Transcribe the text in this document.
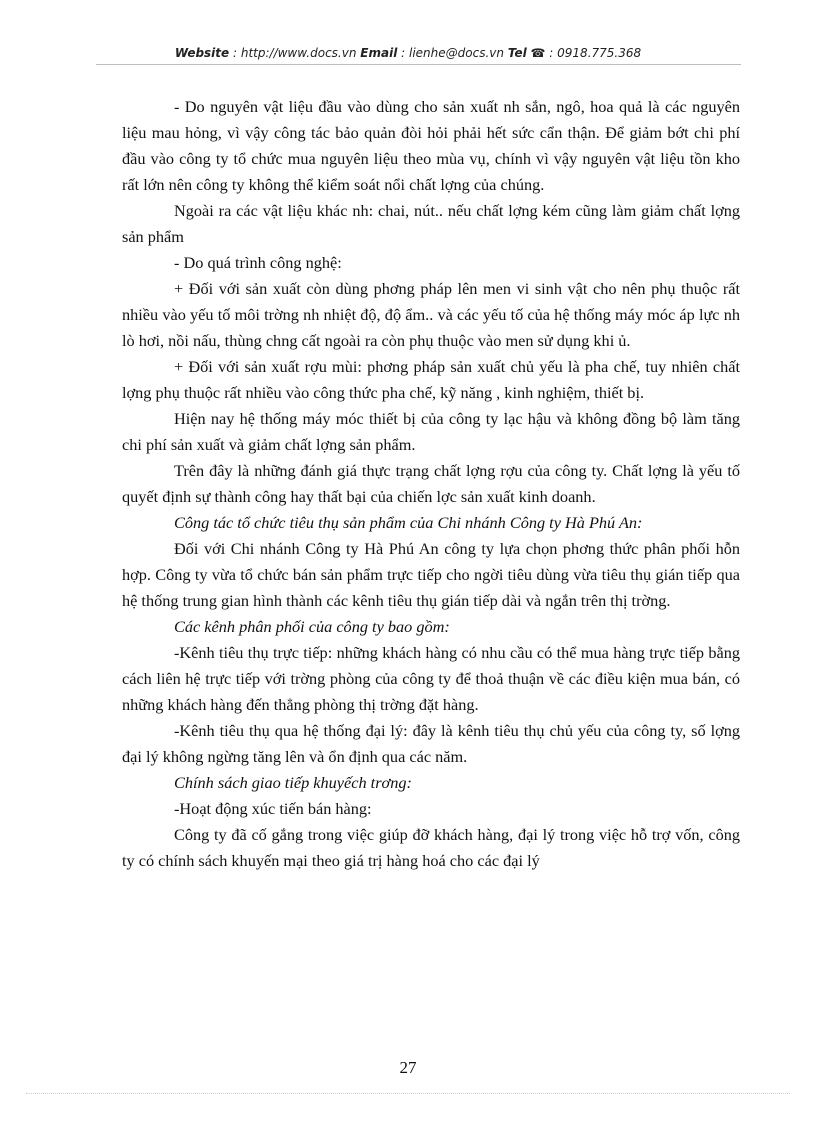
Website : http://www.docs.vn Email : lienhe@docs.vn Tel ☎ : 0918.775.368

- Do nguyên vật liệu đầu vào dùng cho sản xuất nh sắn, ngô, hoa quả là các nguyên liệu mau hỏng, vì vậy công tác bảo quản đòi hỏi phải hết sức cẩn thận. Để giảm bớt chi phí đầu vào công ty tổ chức mua nguyên liệu theo mùa vụ, chính vì vậy nguyên vật liệu tồn kho rất lớn nên công ty không thể kiểm soát nổi chất lợng của chúng.

Ngoài ra các vật liệu khác nh: chai, nút.. nếu chất lợng kém cũng làm giảm chất lợng sản phẩm

- Do quá trình công nghệ:

+ Đối với sản xuất còn dùng phơng pháp lên men vi sinh vật cho nên phụ thuộc rất nhiều vào yếu tố môi trờng nh nhiệt độ, độ ẩm.. và các yếu tố của hệ thống máy móc áp lực nh lò hơi, nồi nấu, thùng chng cất ngoài ra còn phụ thuộc vào men sử dụng khi ủ.

+ Đối với sản xuất rợu mùi: phơng pháp sản xuất chủ yếu là pha chế, tuy nhiên chất lợng phụ thuộc rất nhiều vào công thức pha chế, kỹ năng , kinh nghiệm, thiết bị.

Hiện nay hệ thống máy móc thiết bị của công ty lạc hậu và không đồng bộ làm tăng chi phí sản xuất và giảm chất lợng sản phẩm.

Trên đây là những đánh giá thực trạng chất lợng rợu của công ty. Chất lợng là yếu tố quyết định sự thành công hay thất bại của chiến lợc sản xuất kinh doanh.

Công tác tổ chức tiêu thụ sản phẩm của Chi nhánh Công ty Hà Phú An:

Đối với Chi nhánh Công ty Hà Phú An công ty lựa chọn phơng thức phân phối hỗn hợp. Công ty vừa tổ chức bán sản phẩm trực tiếp cho ngời tiêu dùng vừa tiêu thụ gián tiếp qua hệ thống trung gian hình thành các kênh tiêu thụ gián tiếp dài và ngắn trên thị trờng.

Các kênh phân phối của công ty bao gồm:

-Kênh tiêu thụ trực tiếp: những khách hàng có nhu cầu có thể mua hàng trực tiếp bằng cách liên hệ trực tiếp với trờng phòng của công ty để thoả thuận về các điều kiện mua bán, có những khách hàng đến thẳng phòng thị trờng đặt hàng.

-Kênh tiêu thụ qua hệ thống đại lý: đây là kênh tiêu thụ chủ yếu của công ty, số lợng đại lý không ngừng tăng lên và ổn định qua các năm.

Chính sách giao tiếp khuyếch trơng:

-Hoạt động xúc tiến bán hàng:

Công ty đã cố gắng trong việc giúp đỡ khách hàng, đại lý trong việc hỗ trợ vốn, công ty có chính sách khuyến mại theo giá trị hàng hoá cho các đại lý

27
